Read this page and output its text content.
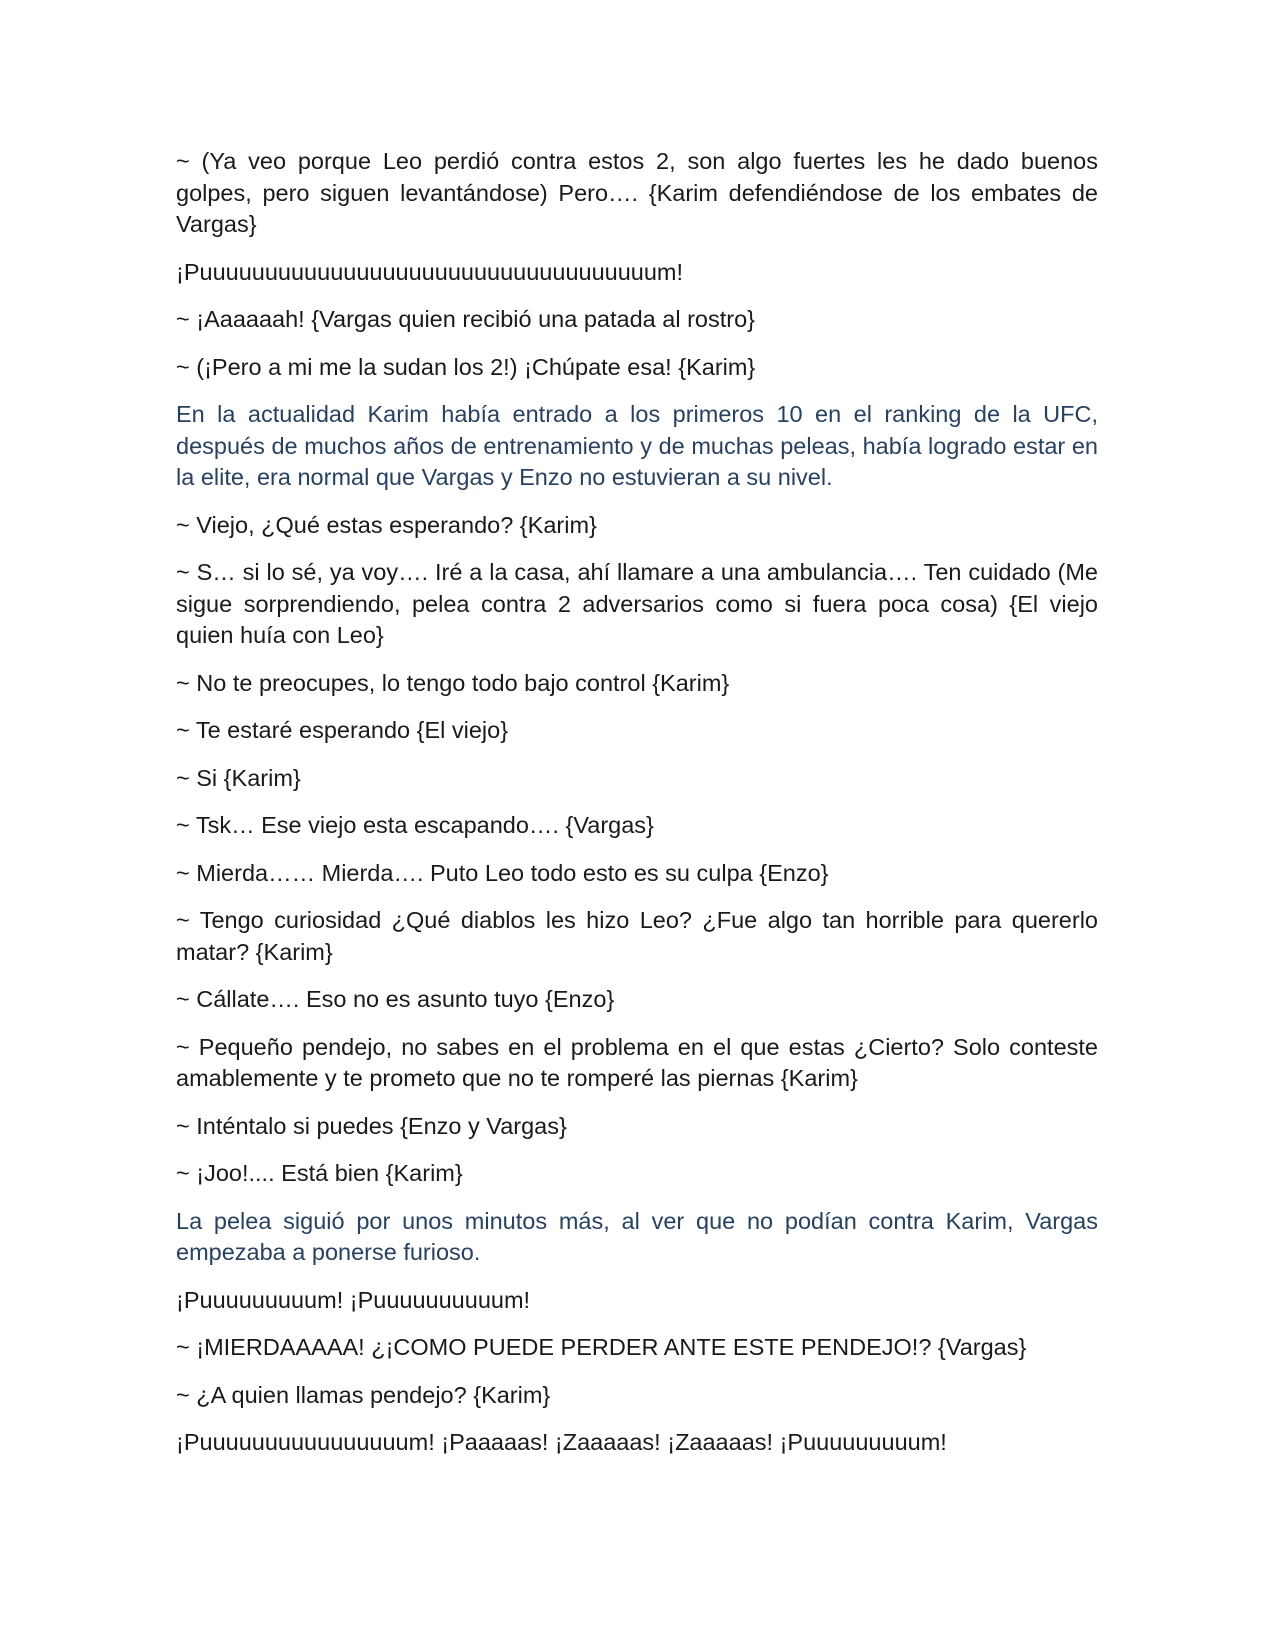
~ (Ya veo porque Leo perdió contra estos 2, son algo fuertes les he dado buenos golpes, pero siguen levantándose) Pero…. {Karim defendiéndose de los embates de Vargas}

¡Puuuuuuuuuuuuuuuuuuuuuuuuuuuuuuuuuuum!

~ ¡Aaaaaah! {Vargas quien recibió una patada al rostro}

~ (¡Pero a mi me la sudan los 2!) ¡Chúpate esa! {Karim}

En la actualidad Karim había entrado a los primeros 10 en el ranking de la UFC, después de muchos años de entrenamiento y de muchas peleas, había logrado estar en la elite, era normal que Vargas y Enzo no estuvieran a su nivel.

~ Viejo, ¿Qué estas esperando? {Karim}

~ S… si lo sé, ya voy…. Iré a la casa, ahí llamare a una ambulancia…. Ten cuidado (Me sigue sorprendiendo, pelea contra 2 adversarios como si fuera poca cosa) {El viejo quien huía con Leo}

~ No te preocupes, lo tengo todo bajo control {Karim}

~ Te estaré esperando {El viejo}

~ Si {Karim}

~ Tsk… Ese viejo esta escapando…. {Vargas}

~ Mierda…… Mierda…. Puto Leo todo esto es su culpa {Enzo}

~ Tengo curiosidad ¿Qué diablos les hizo Leo? ¿Fue algo tan horrible para quererlo matar? {Karim}

~ Cállate…. Eso no es asunto tuyo {Enzo}

~ Pequeño pendejo, no sabes en el problema en el que estas ¿Cierto? Solo conteste amablemente y te prometo que no te romperé las piernas {Karim}

~ Inténtalo si puedes {Enzo y Vargas}

~ ¡Joo!.... Está bien {Karim}

La pelea siguió por unos minutos más, al ver que no podían contra Karim, Vargas empezaba a ponerse furioso.

¡Puuuuuuuuum! ¡Puuuuuuuuuum!

~ ¡MIERDAAAAA! ¿¡COMO PUEDE PERDER ANTE ESTE PENDEJO!? {Vargas}

~ ¿A quien llamas pendejo? {Karim}

¡Puuuuuuuuuuuuuuuum! ¡Paaaaas! ¡Zaaaaas! ¡Zaaaaas! ¡Puuuuuuuuum!
